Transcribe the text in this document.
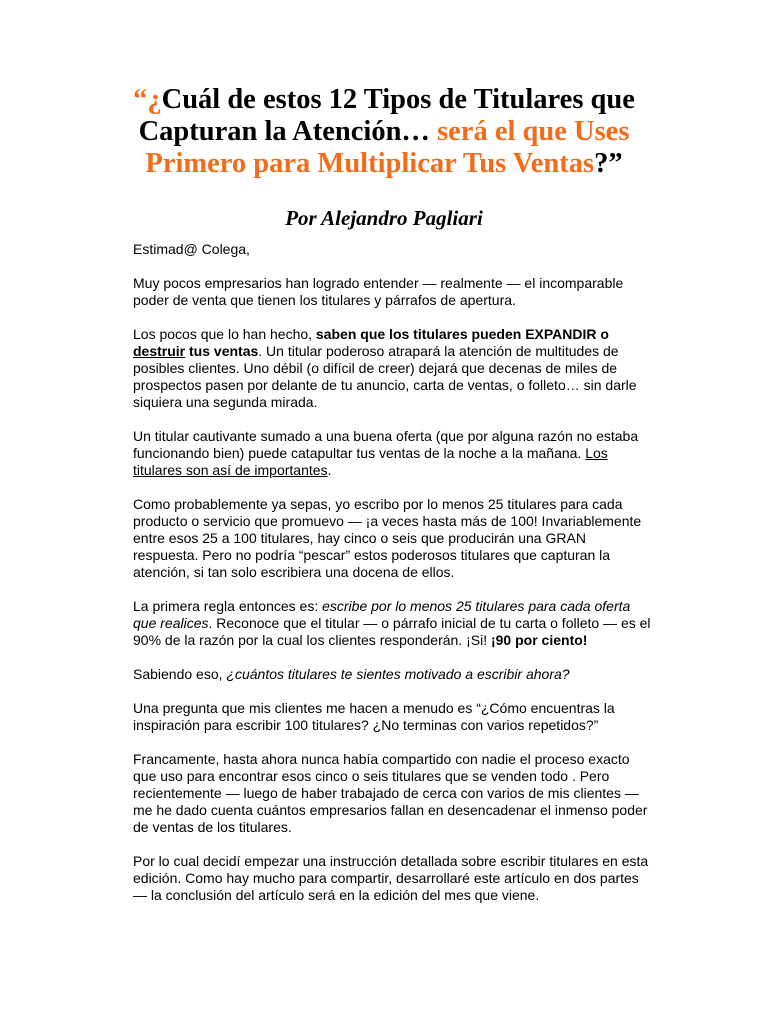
“¿Cuál de estos 12 Tipos de Titulares que Capturan la Atención… será el que Uses Primero para Multiplicar Tus Ventas?”
Por Alejandro Pagliari

Estimad@ Colega,

Muy pocos empresarios han logrado entender — realmente — el incomparable poder de venta que tienen los titulares y párrafos de apertura.

Los pocos que lo han hecho, saben que los titulares pueden EXPANDIR o destruir tus ventas. Un titular poderoso atrapará la atención de multitudes de posibles clientes. Uno débil (o difícil de creer) dejará que decenas de miles de prospectos pasen por delante de tu anuncio, carta de ventas, o folleto… sin darle siquiera una segunda mirada.

Un titular cautivante sumado a una buena oferta (que por alguna razón no estaba funcionando bien) puede catapultar tus ventas de la noche a la mañana. Los titulares son así de importantes.

Como probablemente ya sepas, yo escribo por lo menos 25 titulares para cada producto o servicio que promuevo — ¡a veces hasta más de 100! Invariablemente entre esos 25 a 100 titulares, hay cinco o seis que producirán una GRAN respuesta. Pero no podría “pescar” estos poderosos titulares que capturan la atención, si tan solo escribiera una docena de ellos.

La primera regla entonces es: escribe por lo menos 25 titulares para cada oferta que realices. Reconoce que el titular — o párrafo inicial de tu carta o folleto — es el 90% de la razón por la cual los clientes responderán. ¡Si! ¡90 por ciento!

Sabiendo eso, ¿cuántos titulares te sientes motivado a escribir ahora?

Una pregunta que mis clientes me hacen a menudo es “¿Cómo encuentras la inspiración para escribir 100 titulares? ¿No terminas con varios repetidos?”

Francamente, hasta ahora nunca había compartido con nadie el proceso exacto que uso para encontrar esos cinco o seis titulares que se venden todo . Pero recientemente — luego de haber trabajado de cerca con varios de mis clientes — me he dado cuenta cuántos empresarios fallan en desencadenar el inmenso poder de ventas de los titulares.

Por lo cual decidí empezar una instrucción detallada sobre escribir titulares en esta edición. Como hay mucho para compartir, desarrollaré este artículo en dos partes — la conclusión del artículo será en la edición del mes que viene.
